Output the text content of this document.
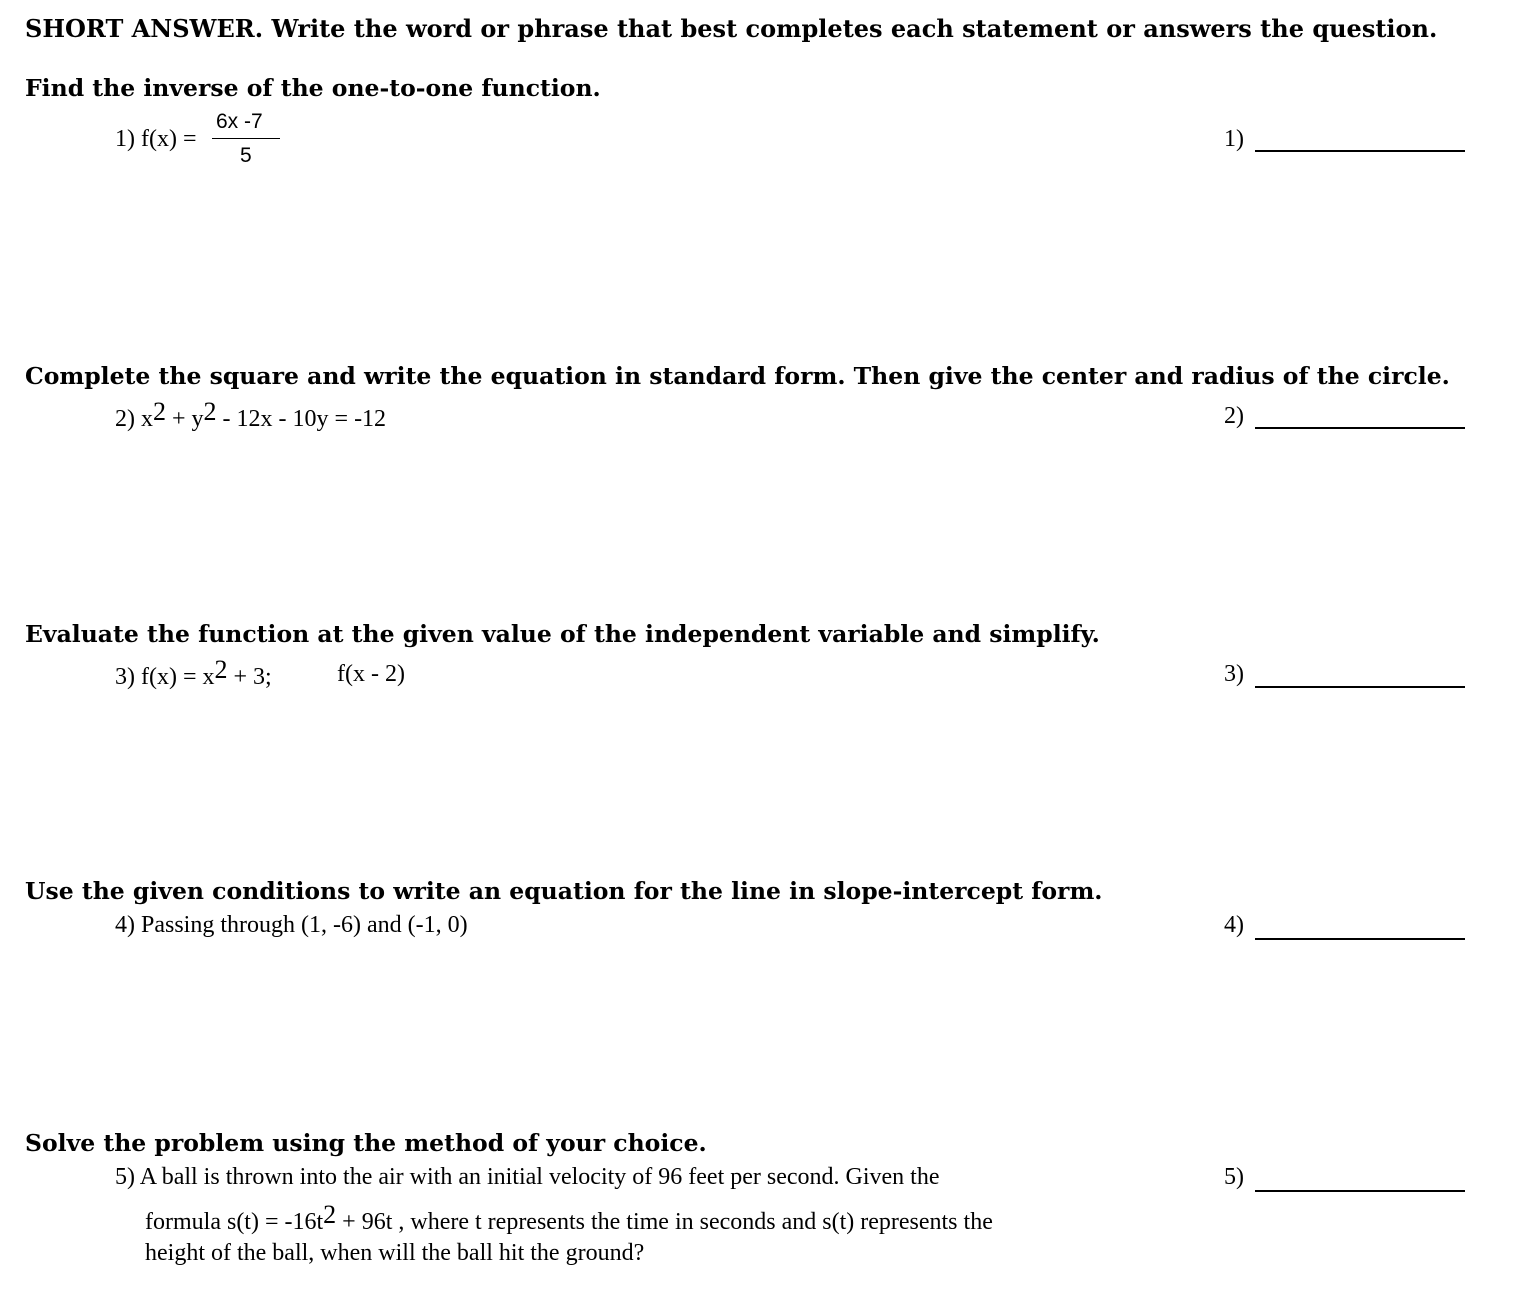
SHORT ANSWER. Write the word or phrase that best completes each statement or answers the question.
Find the inverse of the one-to-one function.
1) f(x) =
6x -7
5
1)
Complete the square and write the equation in standard form. Then give the center and radius of the circle.
2) $x^2 + y^2 - 12x - 10y = -12$	2)
Evaluate the function at the given value of the independent variable and simplify.
3) $f(x) = x^2 + 3$;	f(x - 2)	3)
Use the given conditions to write an equation for the line in slope-intercept form.
4) Passing through (1, -6) and (-1, 0)	4)
Solve the problem using the method of your choice.
5) A ball is thrown into the air with an initial velocity of 96 feet per second. Given the
formula $s(t) = -16t^2 + 96t$ , where t represents the time in seconds and s(t) represents the
height of the ball, when will the ball hit the ground?
5)
